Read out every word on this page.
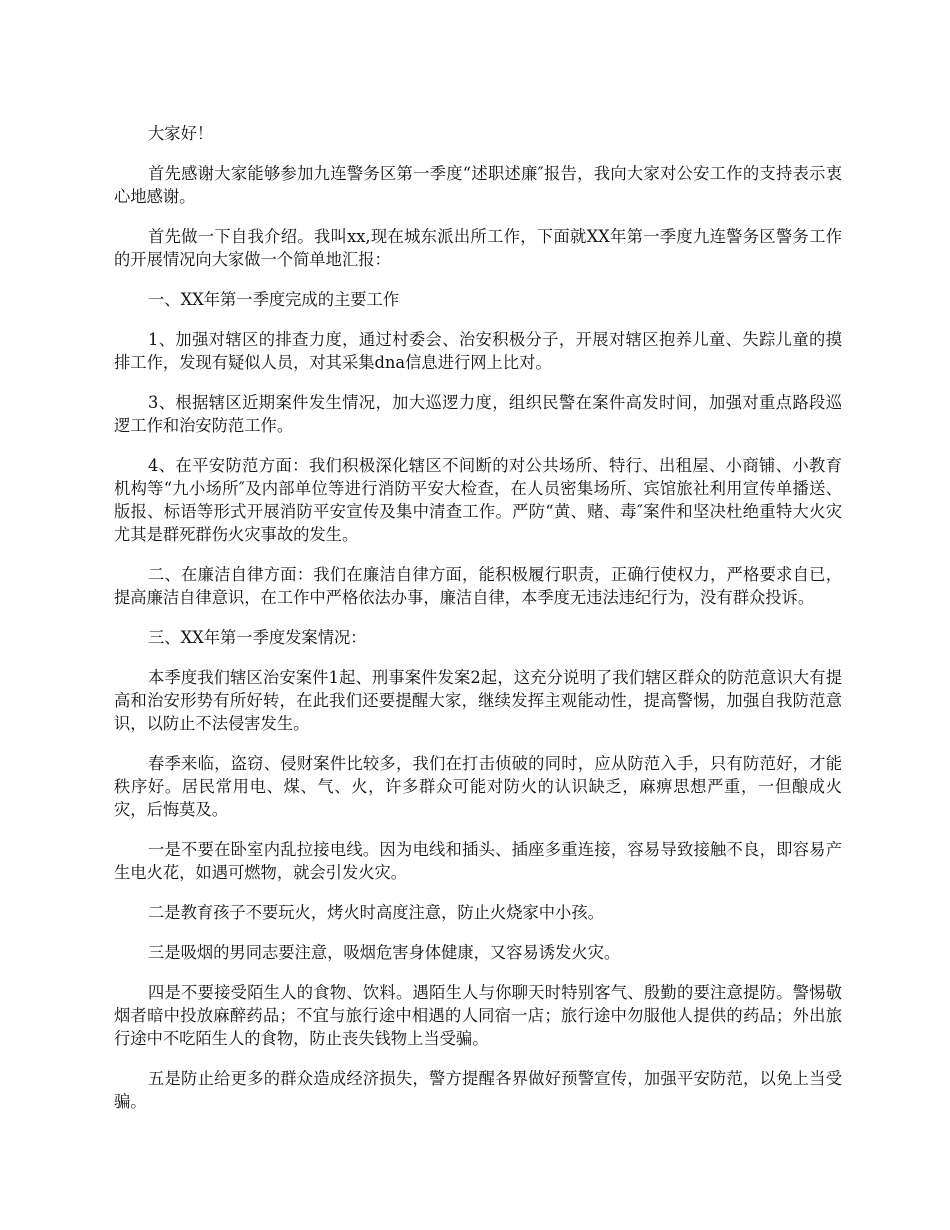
大家好！

首先感谢大家能够参加九连警务区第一季度“述职述廉″报告，我向大家对公安工作的支持表示衷心地感谢。

首先做一下自我介绍。我叫xx,现在城东派出所工作，下面就XX年第一季度九连警务区警务工作的开展情况向大家做一个简单地汇报：

一、XX年第一季度完成的主要工作

1、加强对辖区的排查力度，通过村委会、治安积极分子，开展对辖区抱养儿童、失踪儿童的摸排工作，发现有疑似人员，对其采集dna信息进行网上比对。

3、根据辖区近期案件发生情况，加大巡逻力度，组织民警在案件高发时间，加强对重点路段巡逻工作和治安防范工作。

4、在平安防范方面：我们积极深化辖区不间断的对公共场所、特行、出租屋、小商铺、小教育机构等“九小场所″及内部单位等进行消防平安大检查，在人员密集场所、宾馆旅社利用宣传单播送、版报、标语等形式开展消防平安宣传及集中清查工作。严防“黄、赌、毒″案件和坚决杜绝重特大火灾尤其是群死群伤火灾事故的发生。

二、在廉洁自律方面：我们在廉洁自律方面，能积极履行职责，正确行使权力，严格要求自已，提高廉洁自律意识，在工作中严格依法办事，廉洁自律，本季度无违法违纪行为，没有群众投诉。

三、XX年第一季度发案情况：

本季度我们辖区治安案件1起、刑事案件发案2起，这充分说明了我们辖区群众的防范意识大有提高和治安形势有所好转，在此我们还要提醒大家，继续发挥主观能动性，提高警惕，加强自我防范意识，以防止不法侵害发生。

春季来临，盗窃、侵财案件比较多，我们在打击侦破的同时，应从防范入手，只有防范好，才能秩序好。居民常用电、煤、气、火，许多群众可能对防火的认识缺乏，麻痹思想严重，一但酿成火灾，后悔莫及。

一是不要在卧室内乱拉接电线。因为电线和插头、插座多重连接，容易导致接触不良，即容易产生电火花，如遇可燃物，就会引发火灾。

二是教育孩子不要玩火，烤火时高度注意，防止火烧家中小孩。

三是吸烟的男同志要注意，吸烟危害身体健康，又容易诱发火灾。

四是不要接受陌生人的食物、饮料。遇陌生人与你聊天时特别客气、殷勤的要注意提防。警惕敬烟者暗中投放麻醉药品；不宜与旅行途中相遇的人同宿一店；旅行途中勿服他人提供的药品；外出旅行途中不吃陌生人的食物，防止丧失钱物上当受骗。

五是防止给更多的群众造成经济损失，警方提醒各界做好预警宣传，加强平安防范，以免上当受骗。
